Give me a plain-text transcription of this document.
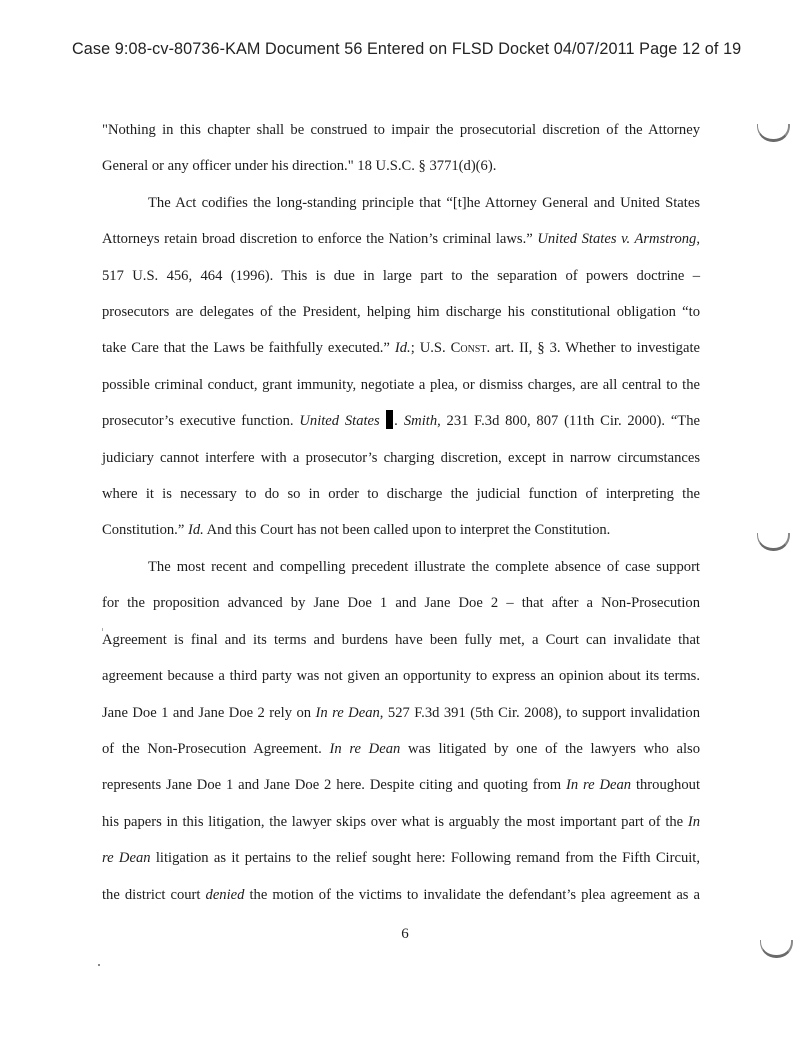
Case 9:08-cv-80736-KAM Document 56 Entered on FLSD Docket 04/07/2011 Page 12 of 19

"Nothing in this chapter shall be construed to impair the prosecutorial discretion of the Attorney
General or any officer under his direction." 18 U.S.C. § 3771(d)(6).

The Act codifies the long-standing principle that “[t]he Attorney General and United States
Attorneys retain broad discretion to enforce the Nation’s criminal laws.” United States v. Armstrong,
517 U.S. 456, 464 (1996). This is due in large part to the separation of powers doctrine –
prosecutors are delegates of the President, helping him discharge his constitutional obligation “to
take Care that the Laws be faithfully executed.” Id.; U.S. Const. art. II, § 3. Whether to investigate
possible criminal conduct, grant immunity, negotiate a plea, or dismiss charges, are all central to the
prosecutor’s executive function. United States . Smith, 231 F.3d 800, 807 (11th Cir. 2000). “The
judiciary cannot interfere with a prosecutor’s charging discretion, except in narrow circumstances
where it is necessary to do so in order to discharge the judicial function of interpreting the
Constitution.” Id. And this Court has not been called upon to interpret the Constitution.

The most recent and compelling precedent illustrate the complete absence of case support
for the proposition advanced by Jane Doe 1 and Jane Doe 2 – that after a Non-Prosecution
Agreement is final and its terms and burdens have been fully met, a Court can invalidate that
agreement because a third party was not given an opportunity to express an opinion about its terms.
Jane Doe 1 and Jane Doe 2 rely on In re Dean, 527 F.3d 391 (5th Cir. 2008), to support invalidation
of the Non-Prosecution Agreement. In re Dean was litigated by one of the lawyers who also
represents Jane Doe 1 and Jane Doe 2 here. Despite citing and quoting from In re Dean throughout
his papers in this litigation, the lawyer skips over what is arguably the most important part of the In
re Dean litigation as it pertains to the relief sought here: Following remand from the Fifth Circuit,
the district court denied the motion of the victims to invalidate the defendant’s plea agreement as a

6
